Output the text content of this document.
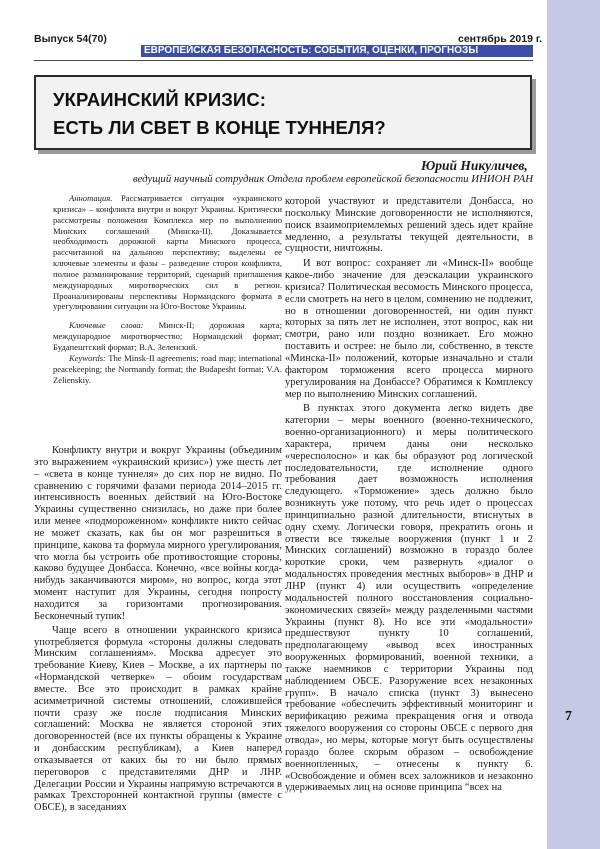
7
Выпуск 54(70)	сентябрь 2019 г.
ЕВРОПЕЙСКАЯ БЕЗОПАСНОСТЬ: СОБЫТИЯ, ОЦЕНКИ, ПРОГНОЗЫ
УКРАИНСКИЙ КРИЗИС:
ЕСТЬ ЛИ СВЕТ В КОНЦЕ ТУННЕЛЯ?
Юрий Никуличев,
ведущий научный сотрудник Отдела проблем европейской безопасности ИНИОН РАН

Аннотация. Рассматривается ситуация «украинского кризиса» – конфликта внутри и вокруг Украины. Критически рассмотрены положения Комплекса мер по выполнению Минских соглашений (Минска-II). Доказывается необходимость дорожной карты Минского процесса, рассчитанной на дальнюю перспективу; выделены ее ключевые элементы и фазы – разведение сторон конфликта, полное разминирование территорий, сценарий приглашения международных миротворческих сил в регион. Проанализированы перспективы Нормандского формата в урегулировании ситуации на Юго-Востоке Украины.

Ключевые слова: Минск-II; дорожная карта; международное миротворчество; Нормандский формат; Будапештский формат; В.А. Зеленский.

Keywords: The Minsk-II agreements; road map; international peacekeeping; the Normandy format; the Budapesht format; V.A. Zelienskiy.

Конфликту внутри и вокруг Украины (объединим это выражением «украинский кризис») уже шесть лет – «света в конце туннеля» до сих пор не видно. По сравнению с горячими фазами периода 2014–2015 гг. интенсивность военных действий на Юго-Востоке Украины существенно снизилась, но даже при более или менее «подмороженном» конфликте никто сейчас не может сказать, как бы он мог разрешиться в принципе, какова та формула мирного урегулирования, что могла бы устроить обе противостоящие стороны, каково будущее Донбасса. Конечно, «все войны когда-нибудь заканчиваются миром», но вопрос, когда этот момент наступит для Украины, сегодня попросту находится за горизонтами прогнозирования. Бесконечный тупик!

Чаще всего в отношении украинского кризиса употребляется формула «стороны должны следовать Минским соглашениям». Москва адресует это требование Киеву, Киев – Москве, а их партнеры по «Нормандской четверке» – обоим государствам вместе. Все это происходит в рамках крайне асимметричной системы отношений, сложившейся почти сразу же после подписания Минских соглашений: Москва не является стороной этих договоренностей (все их пункты обращены к Украине и донбасским республикам), а Киев наперед отказывается от каких бы то ни было прямых переговоров с представителями ДНР и ЛНР. Делегации России и Украины напрямую встречаются в рамках Трехсторонней контактной группы (вместе с ОБСЕ), в заседаниях

которой участвуют и представители Донбасса, но поскольку Минские договоренности не исполняются, поиск взаимоприемлемых решений здесь идет крайне медленно, а результаты текущей деятельности, в сущности, ничтожны.

И вот вопрос: сохраняет ли «Минск-II» вообще какое-либо значение для деэскалации украинского кризиса? Политическая весомость Минского процесса, если смотреть на него в целом, сомнению не подлежит, но в отношении договоренностей, ни один пункт которых за пять лет не исполнен, этот вопрос, как ни смотри, рано или поздно возникает. Его можно поставить и острее: не было ли, собственно, в тексте «Минска-II» положений, которые изначально и стали фактором торможения всего процесса мирного урегулирования на Донбассе? Обратимся к Комплексу мер по выполнению Минских соглашений.

В пунктах этого документа легко видеть две категории – меры военного (военно-технического, военно-организационного) и меры политического характера, причем даны они несколько «чересполосно» и как бы образуют род логической последовательности, где исполнение одного требования дает возможность исполнения следующего. «Торможение» здесь должно было возникнуть уже потому, что речь идет о процессах принципиально разной длительности, втиснутых в одну схему. Логически говоря, прекратить огонь и отвести все тяжелые вооружения (пункт 1 и 2 Минских соглашений) возможно в гораздо более короткие сроки, чем развернуть «диалог о модальностях проведения местных выборов» в ДНР и ЛНР (пункт 4) или осуществить «определение модальностей полного восстановления социально-экономических связей» между разделенными частями Украины (пункт 8). Но все эти «модальности» предшествуют пункту 10 соглашений, предполагающему «вывод всех иностранных вооруженных формирований, военной техники, а также наемников с территории Украины под наблюдением ОБСЕ. Разоружение всех незаконных групп». В начало списка (пункт 3) вынесено требование «обеспечить эффективный мониторинг и верификацию режима прекращения огня и отвода тяжелого вооружения со стороны ОБСЕ с первого дня отвода», но меры, которые могут быть осуществлены гораздо более скорым образом – освобождение военнопленных, – отнесены к пункту 6. «Освобождение и обмен всех заложников и незаконно удерживаемых лиц на основе принципа “всех на
